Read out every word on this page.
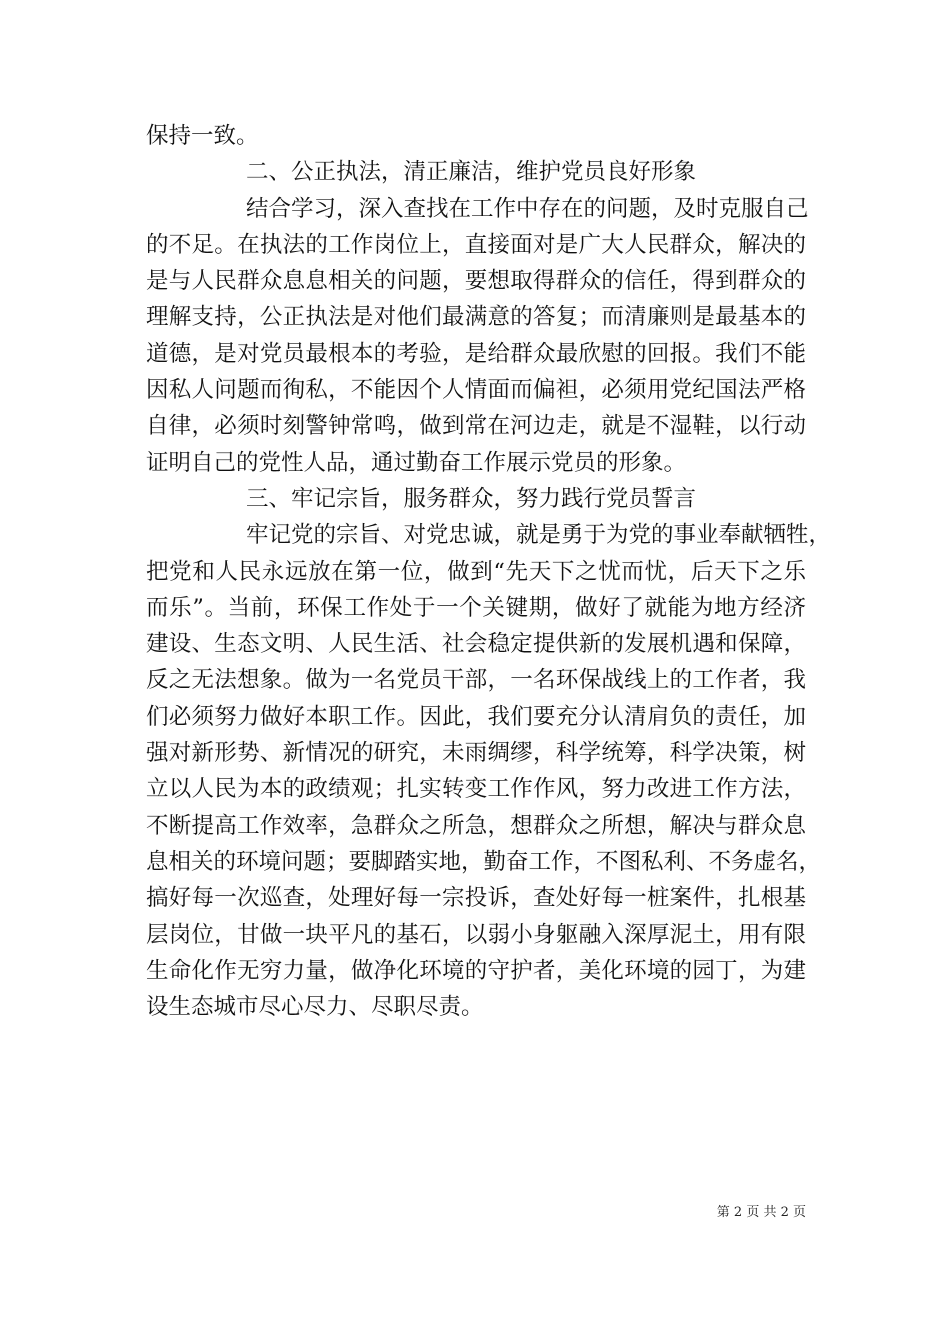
保持一致。
二、公正执法，清正廉洁，维护党员良好形象
结合学习，深入查找在工作中存在的问题，及时克服自己
的不足。在执法的工作岗位上，直接面对是广大人民群众，解决的
是与人民群众息息相关的问题，要想取得群众的信任，得到群众的
理解支持，公正执法是对他们最满意的答复；而清廉则是最基本的
道德，是对党员最根本的考验，是给群众最欣慰的回报。我们不能
因私人问题而徇私，不能因个人情面而偏袒，必须用党纪国法严格
自律，必须时刻警钟常鸣，做到常在河边走，就是不湿鞋，以行动
证明自己的党性人品，通过勤奋工作展示党员的形象。
三、牢记宗旨，服务群众，努力践行党员誓言
牢记党的宗旨、对党忠诚，就是勇于为党的事业奉献牺牲，
把党和人民永远放在第一位，做到“先天下之忧而忧，后天下之乐
而乐”。当前，环保工作处于一个关键期，做好了就能为地方经济
建设、生态文明、人民生活、社会稳定提供新的发展机遇和保障，
反之无法想象。做为一名党员干部，一名环保战线上的工作者，我
们必须努力做好本职工作。因此，我们要充分认清肩负的责任，加
强对新形势、新情况的研究，未雨绸缪，科学统筹，科学决策，树
立以人民为本的政绩观；扎实转变工作作风，努力改进工作方法，
不断提高工作效率，急群众之所急，想群众之所想，解决与群众息
息相关的环境问题；要脚踏实地，勤奋工作，不图私利、不务虚名，
搞好每一次巡查，处理好每一宗投诉，查处好每一桩案件，扎根基
层岗位，甘做一块平凡的基石，以弱小身躯融入深厚泥土，用有限
生命化作无穷力量，做净化环境的守护者，美化环境的园丁，为建
设生态城市尽心尽力、尽职尽责。
第 2 页 共 2 页
